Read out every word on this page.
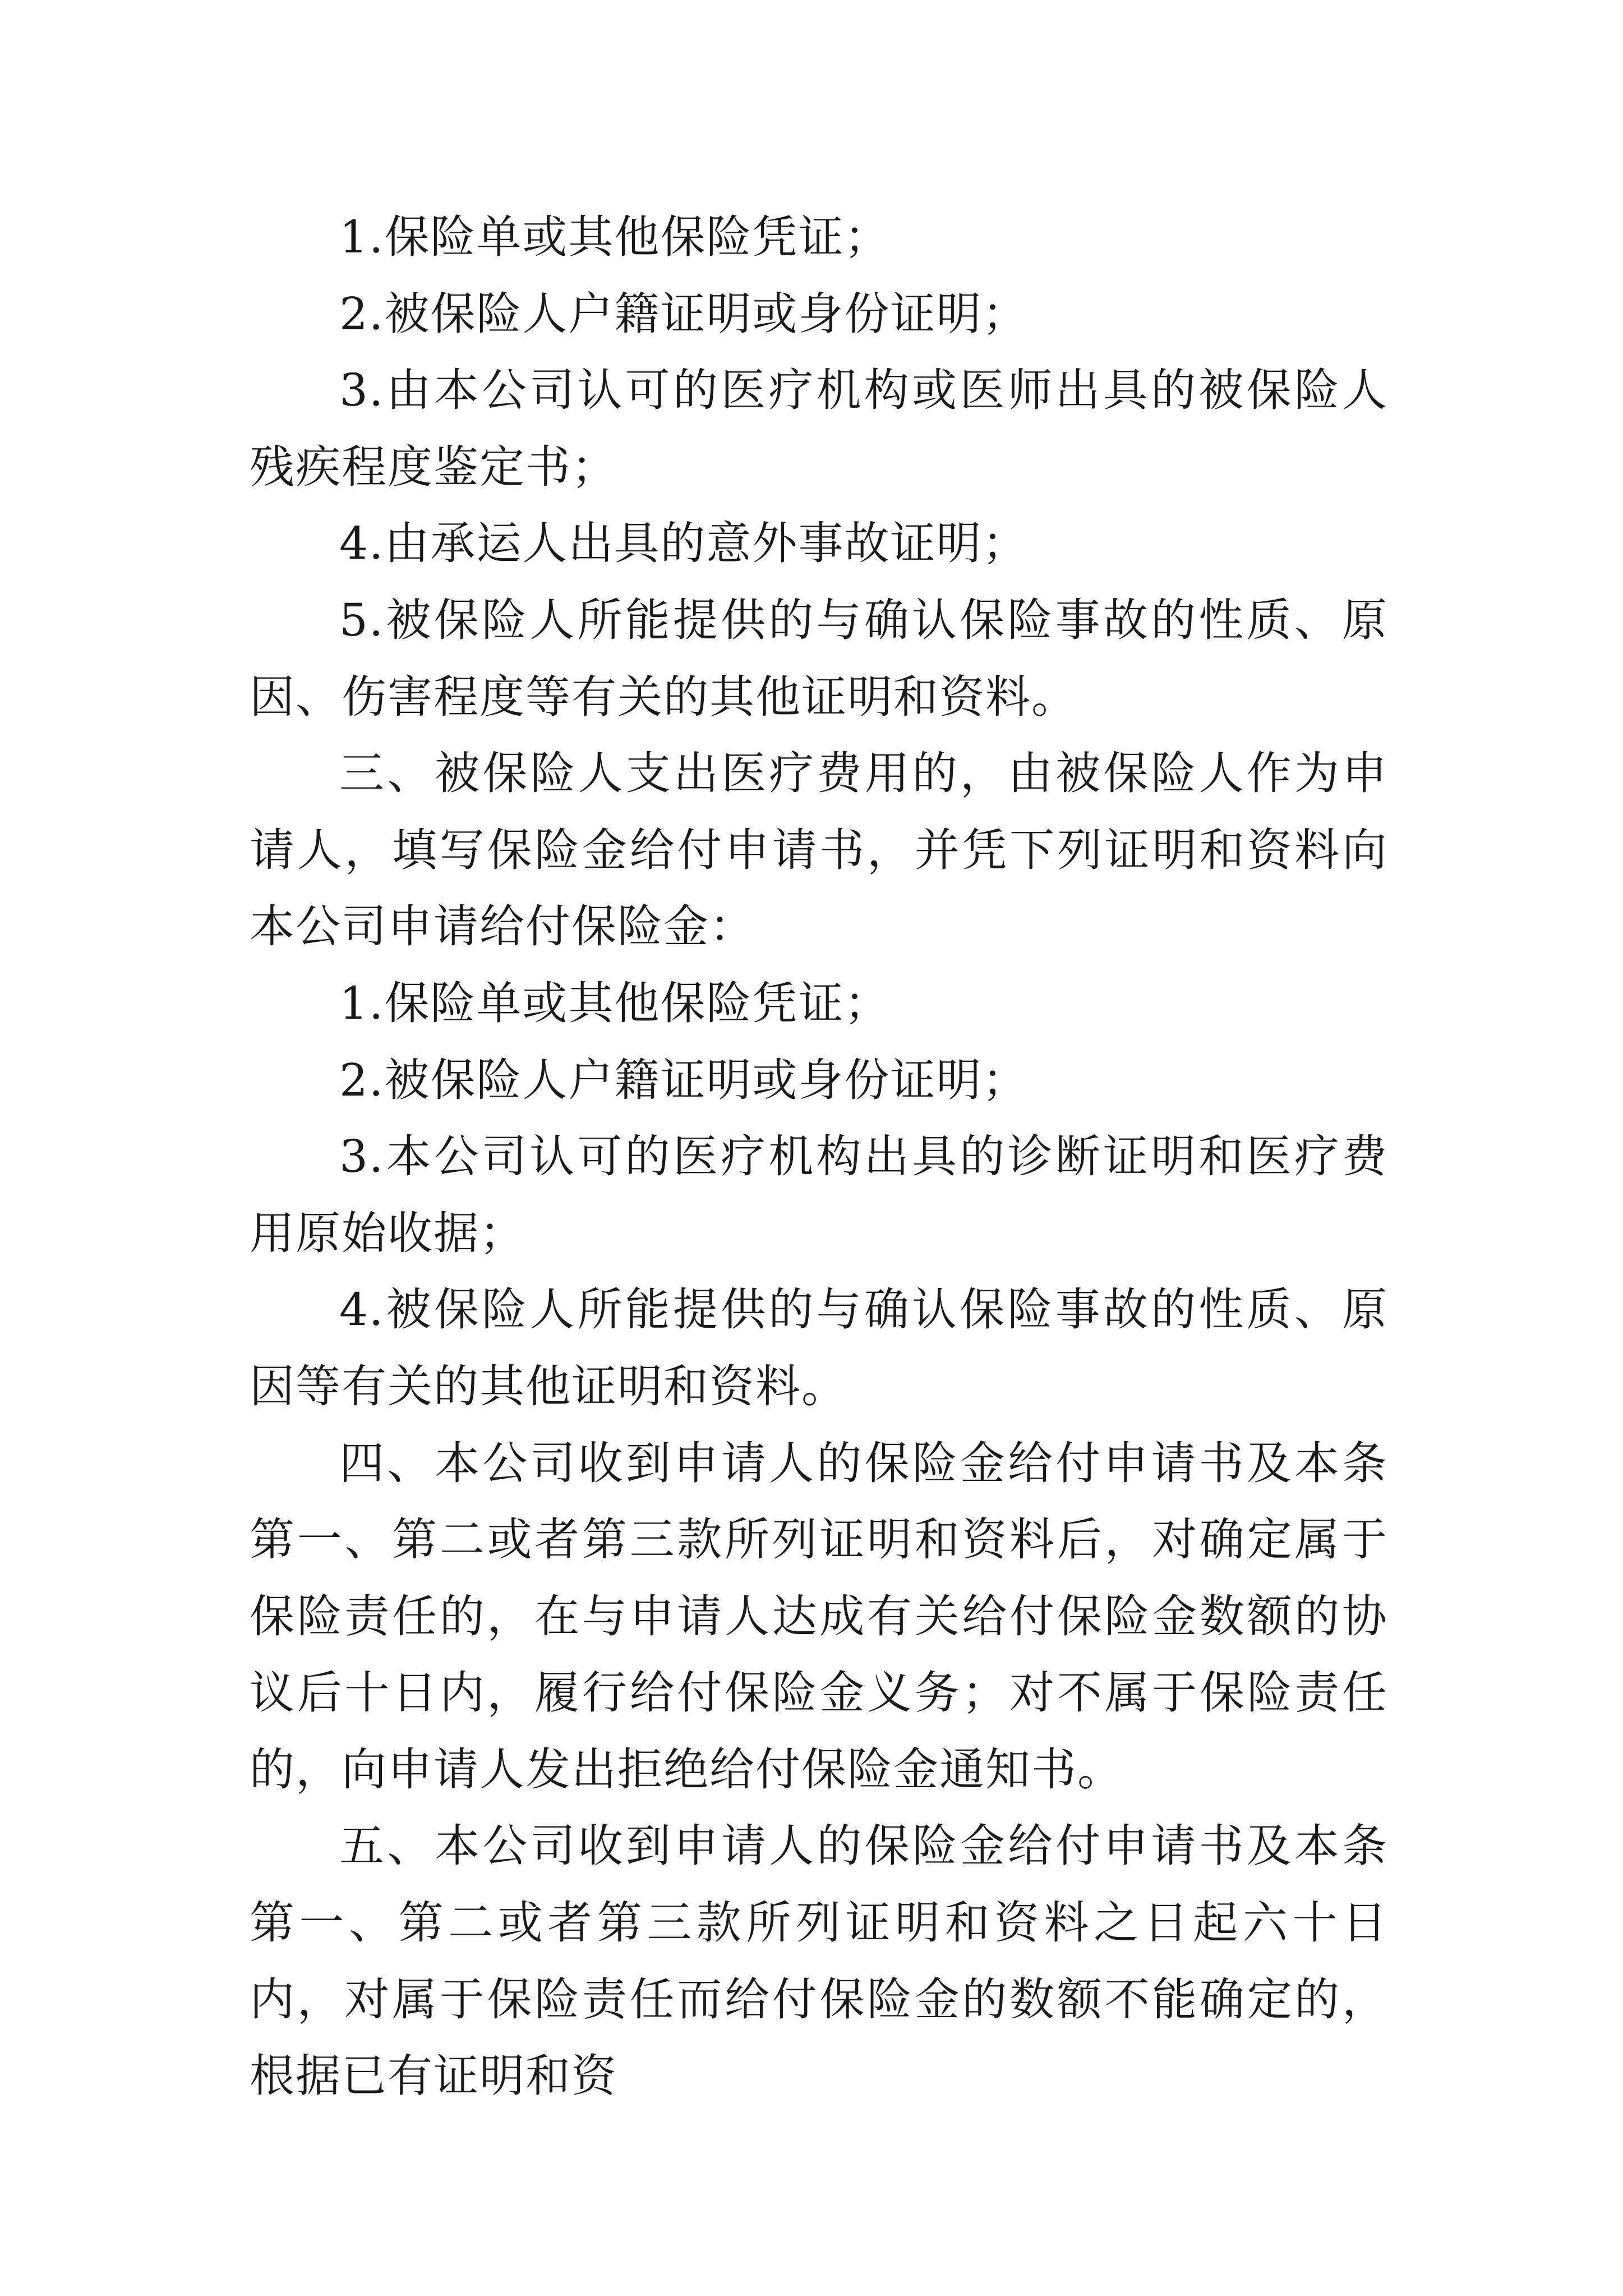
1.保险单或其他保险凭证；

2.被保险人户籍证明或身份证明；

3.由本公司认可的医疗机构或医师出具的被保险人残疾程度鉴定书；

4.由承运人出具的意外事故证明；

5.被保险人所能提供的与确认保险事故的性质、原因、伤害程度等有关的其他证明和资料。

三、被保险人支出医疗费用的，由被保险人作为申请人，填写保险金给付申请书，并凭下列证明和资料向本公司申请给付保险金：

1.保险单或其他保险凭证；

2.被保险人户籍证明或身份证明；

3.本公司认可的医疗机构出具的诊断证明和医疗费用原始收据；

4.被保险人所能提供的与确认保险事故的性质、原因等有关的其他证明和资料。

四、本公司收到申请人的保险金给付申请书及本条第一、第二或者第三款所列证明和资料后，对确定属于保险责任的，在与申请人达成有关给付保险金数额的协议后十日内，履行给付保险金义务；对不属于保险责任的，向申请人发出拒绝给付保险金通知书。

五、本公司收到申请人的保险金给付申请书及本条第一、第二或者第三款所列证明和资料之日起六十日内，对属于保险责任而给付保险金的数额不能确定的，根据已有证明和资
